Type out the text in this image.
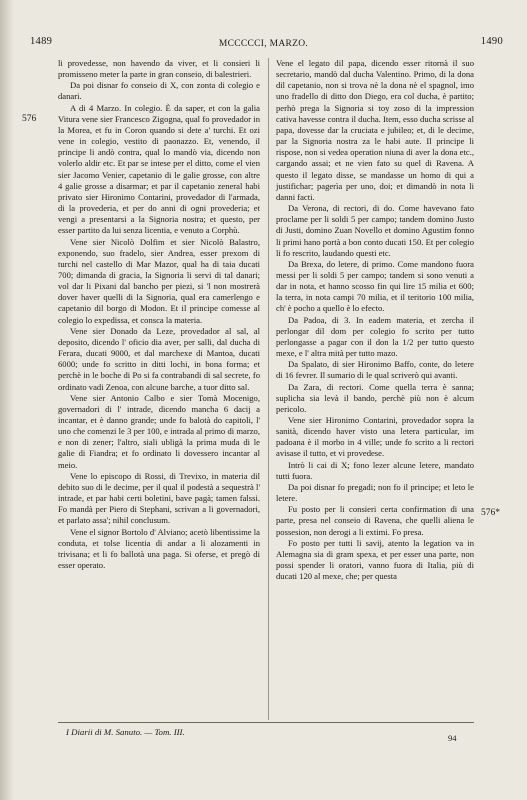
1489	MCCCCCI, MARZO.	1490
576
576*

li provedesse, non havendo da viver, et li consieri li promisseno meter la parte in gran conseio, di balestrieri.

Da poi disnar fo conseio di X, con zonta di colegio e danari.

A di 4 Marzo. In colegio. È da saper, et con la galia Vitura vene sier Francesco Zigogna, qual fo provedador in la Morea, et fu in Coron quando si dete a' turchi. Et ozi vene in colegio, vestito di paonazzo. Et, venendo, il principe li andò contra, qual lo mandò via, dicendo non volerlo aldir etc. Et par se intese per el ditto, come el vien sier Jacomo Venier, capetanio di le galie grosse, con altre 4 galie grosse a disarmar; et par il capetanio zeneral habi privato sier Hironimo Contarini, provedador di l'armada, di la provederia, et per do anni di ogni provederia; et vengi a presentarsi a la Signoria nostra; et questo, per esser partito da lui senza licentia, e venuto a Corphù.

Vene sier Nicolò Dolfim et sier Nicolò Balastro, exponendo, suo fradelo, sier Andrea, esser prexom di turchi nel castello di Mar Mazor, qual ha di taia ducati 700; dimanda di gracia, la Signoria li servi di tal danari; vol dar li Pixani dal bancho per piezi, si 'l non mostrerà dover haver quelli di la Signoria, qual era camerlengo e capetanio dil borgo di Modon. Et il principe comesse al colegio lo expedissa, et consca la materia.

Vene sier Donado da Leze, provedador al sal, al deposito, dicendo l' oficio dia aver, per salli, dal ducha di Ferara, ducati 9000, et dal marchexe di Mantoa, ducati 6000; unde fo scritto in ditti lochi, in bona forma; et perchè in le boche di Po si fa contrabandi di sal secrete, fo ordinato vadi Zenoa, con alcune barche, a tuor ditto sal.

Vene sier Antonio Calbo e sier Tomà Mocenigo, governadori di l' intrade, dicendo mancha 6 dacij a incantar, et è danno grande; unde fo balotà do capitoli, l' uno che comenzi le 3 per 100, e intrada al primo di marzo, e non di zener; l'altro, siali ubligà la prima muda di le galie di Fiandra; et fo ordinato li dovessero incantar al meio.

Vene lo episcopo di Rossi, di Trevixo, in materia dil debito suo di le decime, per il qual il podestà a sequestrà l' intrade, et par habi certi boletini, bave pagà; tamen falssi. Fo mandà per Piero di Stephani, scrivan a li governadori, et parlato assa'; nihil conclusum.

Vene el signor Bortolo d' Alviano; acetò libentissime la conduta, et tolse licentia di andar a li alozamenti in trivisana; et li fo ballotà una paga. Si oferse, et pregò di esser operato.

Vene el legato dil papa, dicendo esser ritornà il suo secretario, mandò dal ducha Valentino. Primo, di la dona dil capetanio, non si trova nè la dona nè el spagnol, imo uno fradello di ditto don Diego, era col ducha, è partito; perhò prega la Signoria si toy zoso di la impression cativa havesse contra il ducha. Item, esso ducha scrisse al papa, dovesse dar la cruciata e jubileo; et, di le decime, par la Signoria nostra za le habi aute. Il principe li rispose, non si vedea operation niuna di aver la dona etc., cargando assai; et ne vien fato su quel di Ravena. A questo il legato disse, se mandasse un homo di qui a justifichar; pagerìa per uno, doi; et dimandò in nota li danni facti.

Da Verona, di rectori, di do. Come havevano fato proclame per li soldi 5 per campo; tandem domino Justo di Justi, domino Zuan Novello et domino Agustim fonno li primi hano portà a bon conto ducati 150. Et per colegio li fo rescrito, laudando questi etc.

Da Brexa, do letere, di primo. Come mandono fuora messi per li soldi 5 per campo; tandem si sono venuti a dar in nota, et hanno scosso fin qui lire 15 milia et 600; la terra, in nota campi 70 milia, et il teritorio 100 milia, ch' è pocho a quello è lo efecto.

Da Padoa, di 3. In eadem materia, et zercha il perlongar dil dom per colegio fo scrito per tutto perlongasse a pagar con il don la 1/2 per tutto questo mexe, e l' altra mità per tutto mazo.

Da Spalato, di sier Hironimo Baffo, conte, do letere di 16 fevrer. Il sumario di le qual scriverò qui avanti.

Da Zara, di rectori. Come quella terra è sanna; suplicha sia levà il bando, perchè più non è alcum pericolo.

Vene sier Hironimo Contarini, provedador sopra la sanità, dicendo haver visto una letera particular, im padoana è il morbo in 4 ville; unde fo scrito a li rectori avisase il tutto, et vi provedese.

Intrò li cai di X; fono lezer alcune letere, mandato tutti fuora.

Da poi disnar fo pregadi; non fo il principe; et leto le letere.

Fu posto per li consieri certa confirmation di una parte, presa nel conseio di Ravena, che quelli aliena le possesion, non derogi a li extimi. Fo presa.

Fo posto per tutti li savij, atento la legation va in Alemagna sia di gram spexa, et per esser una parte, non possi spender li oratori, vanno fuora di Italia, più di ducati 120 al mexe, che; per questa

I Diarii di M. Sanuto. — Tom. III.
94
